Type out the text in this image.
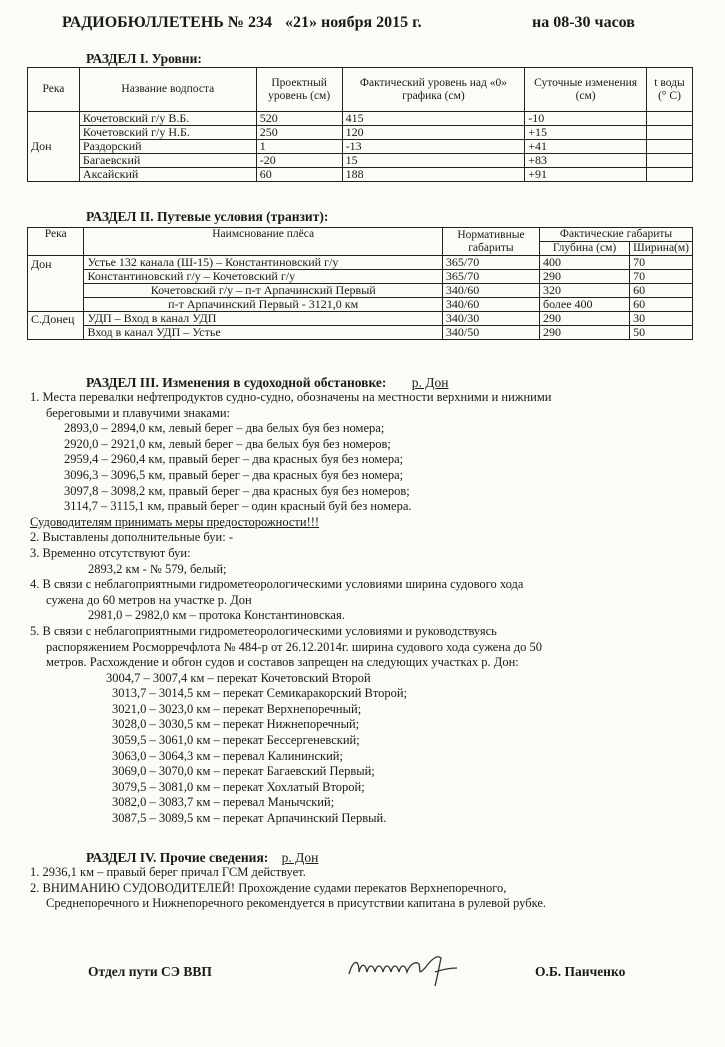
РАДИОБЮЛЛЕТЕНЬ № 234 «21» ноября 2015 г.	на 08-30 часов
РАЗДЕЛ I. Уровни:
Река	Название водпоста	Проектный уровень (см)	Фактический уровень над «0» графика (см)	Суточные изменения (см)	t воды (° C)
Дон	Кочетовский г/у В.Б.	520	415	-10	
	Кочетовский г/у Н.Б.	250	120	+15	
	Раздорский	1	-13	+41	
	Багаевский	-20	15	+83	
	Аксайский	60	188	+91	
РАЗДЕЛ II. Путевые условия (транзит):
Река	Наимснование плёса	Нормативные габариты	Фактические габариты	
			Глубина (см)	Ширина(м)
Дон	Устье 132 канала (Ш-15) – Константиновский г/у	365/70	400	70
	Константиновский г/у – Кочетовский г/у	365/70	290	70
	Кочетовский г/у – п-т Арпачинский Первый	340/60	320	60
	п-т Арпачинский Первый - 3121,0 км	340/60	более 400	60
С.Донец	УДП – Вход в канал УДП	340/30	290	30
	Вход в канал УДП – Устье	340/50	290	50
РАЗДЕЛ III. Изменения в судоходной обстановке: р. Дон
1. Места перевалки нефтепродуктов судно-судно, обозначены на местности верхними и нижними
береговыми и плавучими знаками:
2893,0 – 2894,0 км, левый берег – два белых буя без номера;
2920,0 – 2921,0 км, левый берег – два белых буя без номеров;
2959,4 – 2960,4 км, правый берег – два красных буя без номера;
3096,3 – 3096,5 км, правый берег – два красных буя без номера;
3097,8 – 3098,2 км, правый берег – два красных буя без номеров;
3114,7 – 3115,1 км, правый берег – один красный буй без номера.
Судоводителям принимать меры предосторожности!!!
2. Выставлены дополнительные буи: -
3. Временно отсутствуют буи:
2893,2 км - № 579, белый;
4. В связи с неблагоприятными гидрометеорологическими условиями ширина судового хода
сужена до 60 метров на участке р. Дон
2981,0 – 2982,0 км – протока Константиновская.
5. В связи с неблагоприятными гидрометеорологическими условиями и руководствуясь
распоряжением Росморречфлота № 484-р от 26.12.2014г. ширина судового хода сужена до 50
метров. Расхождение и обгон судов и составов запрещен на следующих участках р. Дон:
3004,7 – 3007,4 км – перекат Кочетовский Второй
3013,7 – 3014,5 км – перекат Семикаракорский Второй;
3021,0 – 3023,0 км – перекат Верхнепоречный;
3028,0 – 3030,5 км – перекат Нижнепоречный;
3059,5 – 3061,0 км – перекат Бессергеневский;
3063,0 – 3064,3 км – перевал Калининский;
3069,0 – 3070,0 км – перекат Багаевский Первый;
3079,5 – 3081,0 км – перекат Хохлатый Второй;
3082,0 – 3083,7 км – перевал Манычский;
3087,5 – 3089,5 км – перекат Арпачинский Первый.
РАЗДЕЛ IV. Прочие сведения: р. Дон
1. 2936,1 км – правый берег причал ГСМ действует.
2. ВНИМАНИЮ СУДОВОДИТЕЛЕЙ! Прохождение судами перекатов Верхнепоречного,
Среднепоречного и Нижнепоречного рекомендуется в присутствии капитана в рулевой рубке.
Отдел пути СЭ ВВП	О.Б. Панченко
